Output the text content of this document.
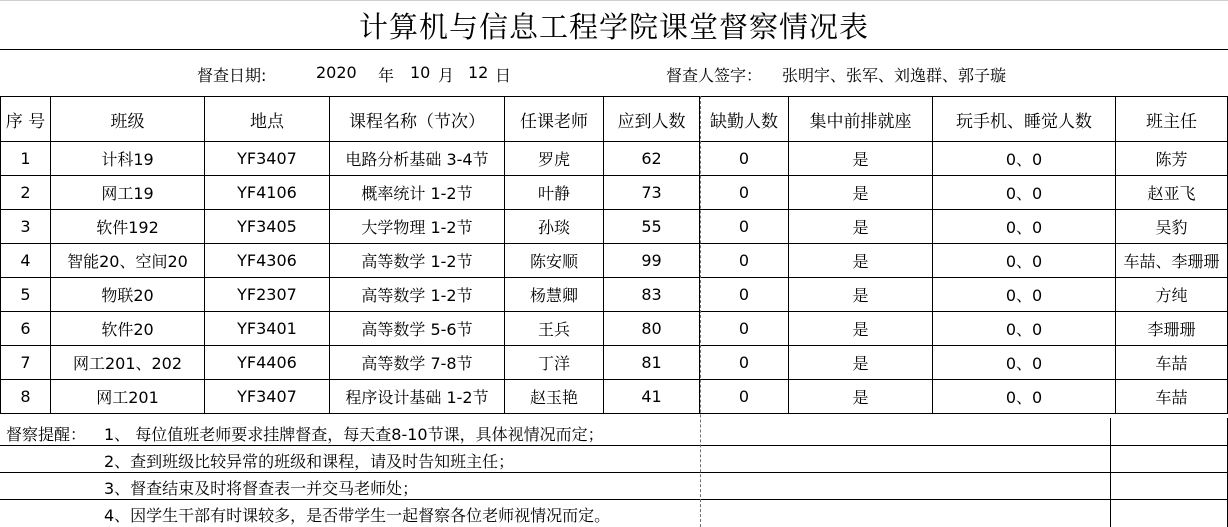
计算机与信息工程学院课堂督察情况表
督查日期:	2020 年 10 月 12 日	督查人签字： 张明宇、张军、刘逸群、郭子璇
序 号	班级	地点	课程名称（节次）	任课老师	应到人数	缺勤人数	集中前排就座	玩手机、睡觉人数	班主任
1	计科19	YF3407	电路分析基础 3-4节	罗虎	62	0	是	0、0	陈芳
2	网工19	YF4106	概率统计 1-2节	叶静	73	0	是	0、0	赵亚飞
3	软件192	YF3405	大学物理 1-2节	孙琰	55	0	是	0、0	吴豹
4	智能20、空间20	YF4306	高等数学 1-2节	陈安顺	99	0	是	0、0	车喆、李珊珊
5	物联20	YF2307	高等数学 1-2节	杨慧卿	83	0	是	0、0	方纯
6	软件20	YF3401	高等数学 5-6节	王兵	80	0	是	0、0	李珊珊
7	网工201、202	YF4406	高等数学 7-8节	丁洋	81	0	是	0、0	车喆
8	网工201	YF3407	程序设计基础 1-2节	赵玉艳	41	0	是	0、0	车喆
督察提醒： 1、 每位值班老师要求挂牌督查，每天查8-10节课，具体视情况而定；
2、查到班级比较异常的班级和课程，请及时告知班主任；
3、督查结束及时将督查表一并交马老师处；
4、因学生干部有时课较多，是否带学生一起督察各位老师视情况而定。
